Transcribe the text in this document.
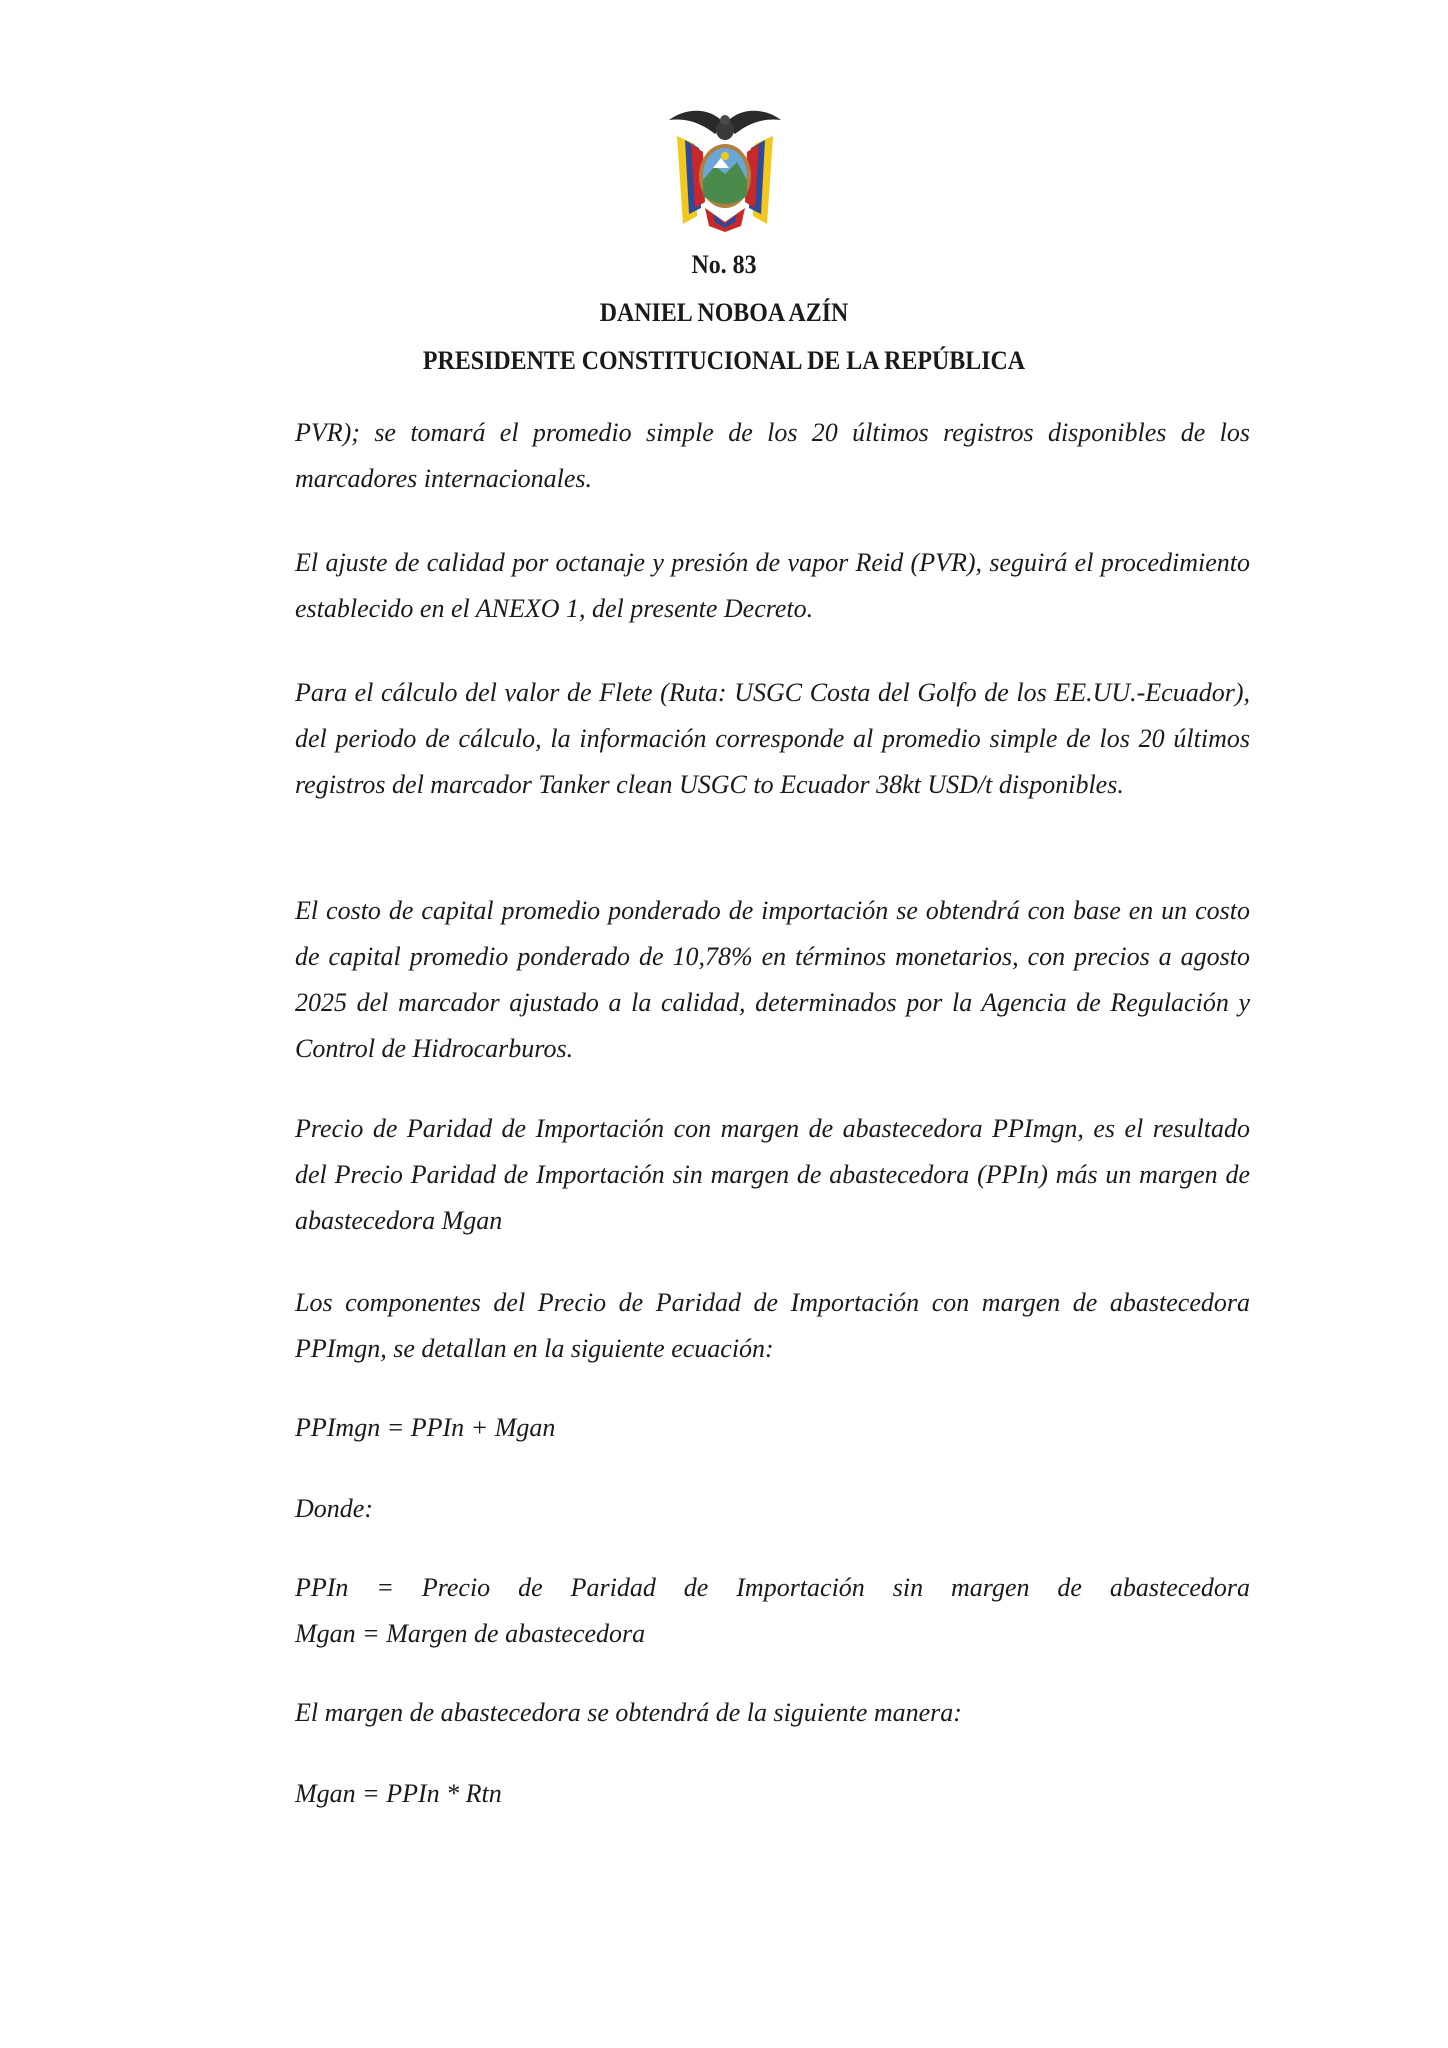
No. 83
DANIEL NOBOA AZÍN
PRESIDENTE CONSTITUCIONAL DE LA REPÚBLICA
PVR); se tomará el promedio simple de los 20 últimos registros disponibles de los marcadores internacionales.
El ajuste de calidad por octanaje y presión de vapor Reid (PVR), seguirá el procedimiento establecido en el ANEXO 1, del presente Decreto.
Para el cálculo del valor de Flete (Ruta: USGC Costa del Golfo de los EE.UU.-Ecuador), del periodo de cálculo, la información corresponde al promedio simple de los 20 últimos registros del marcador Tanker clean USGC to Ecuador 38kt USD/t disponibles.
El costo de capital promedio ponderado de importación se obtendrá con base en un costo de capital promedio ponderado de 10,78% en términos monetarios, con precios a agosto 2025 del marcador ajustado a la calidad, determinados por la Agencia de Regulación y Control de Hidrocarburos.
Precio de Paridad de Importación con margen de abastecedora PPImgn, es el resultado del Precio Paridad de Importación sin margen de abastecedora (PPIn) más un margen de abastecedora Mgan
Los componentes del Precio de Paridad de Importación con margen de abastecedora PPImgn, se detallan en la siguiente ecuación:
PPImgn = PPIn + Mgan
Donde:
PPIn = Precio de Paridad de Importación sin margen de abastecedora
Mgan = Margen de abastecedora
El margen de abastecedora se obtendrá de la siguiente manera:
Mgan = PPIn * Rtn
